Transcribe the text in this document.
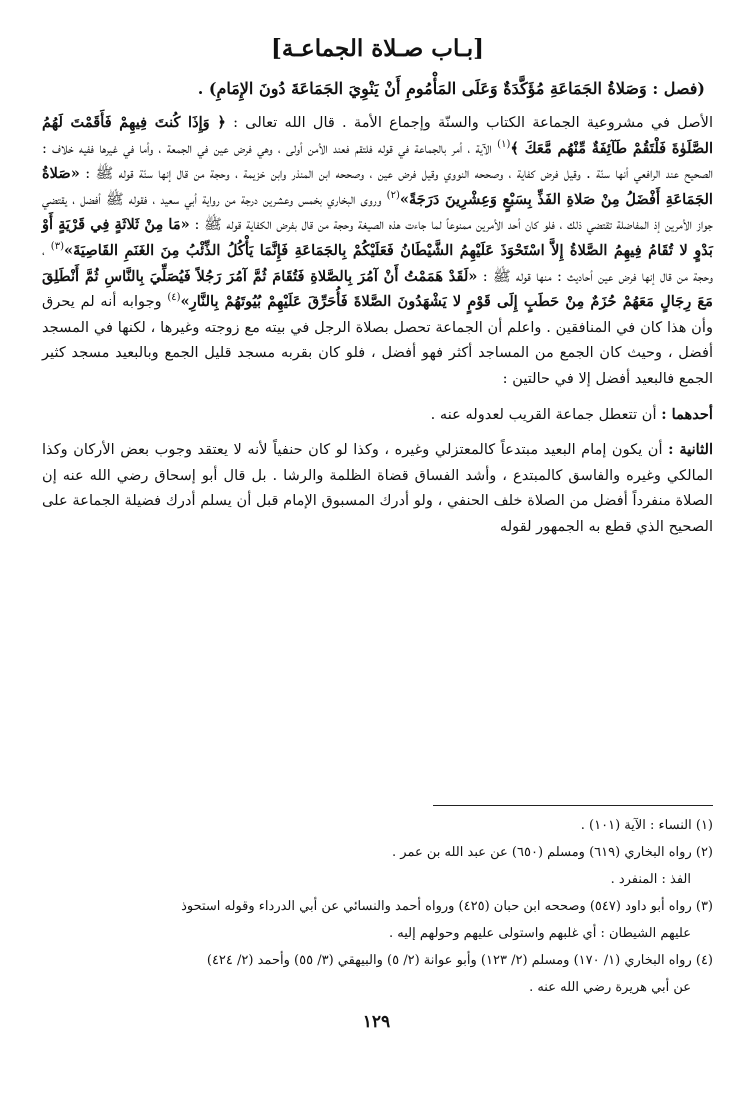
[بـاب صـلاة الجماعـة]
(فصل : وَصَلاةُ الجَمَاعَةِ مُؤَكَّدَةٌ وَعَلَى المَأْمُومِ أَنْ يَنْوِيَ الجَمَاعَةَ دُونَ الإِمَامِ) .

الأصل في مشروعية الجماعة الكتاب والسنّة وإجماع الأمة . قال الله تعالى : ﴿ وَإِذَا كُنتَ فِيهِمْ فَأَقَمْتَ لَهُمُ الصَّلَوٰةَ فَلْتَقُمْ طَآئِفَةٌ مِّنْهُم مَّعَكَ ﴾$^{(١)}$ الآية ، أمر بالجماعة في قوله فلتقم فعند الأمن أولى ، وهي فرض عين في الجمعة ، وأما في غيرها ففيه خلاف : الصحيح عند الرافعي أنها سنّة . وقيل فرض كفاية ، وصححه النووي وقيل فرض عين ، وصححه ابن المنذر وابن خزيمة ، وحجة من قال إنها سنّة قوله ﷺ : «صَلاةُ الجَمَاعَةِ أَفْضَلُ مِنْ صَلاةِ الفَذِّ بِسَبْعٍ وَعِشْرِينَ دَرَجَةً»$^{(٢)}$ وروى البخاري بخمس وعشرين درجة من رواية أبي سعيد ، فقوله ﷺ أفضل ، يقتضي جواز الأمرين إذ المفاضلة تقتضي ذلك ، فلو كان أحد الأمرين ممنوعاً لما جاءت هذه الصيغة وحجة من قال بفرض الكفاية قوله ﷺ : «مَا مِنْ ثَلاثَةٍ فِي قَرْيَةٍ أَوْ بَدْوٍ لا تُقَامُ فِيهِمُ الصَّلاةُ إِلاَّ اسْتَحْوَذَ عَلَيْهِمُ الشَّيْطَانُ فَعَلَيْكُمْ بِالجَمَاعَةِ فَإِنَّمَا يَأْكُلُ الذِّئْبُ مِنَ الغَنَمِ القَاصِيَةَ»$^{(٣)}$ ، وحجة من قال إنها فرض عين أحاديث : منها قوله ﷺ : «لَقَدْ هَمَمْتُ أَنْ آمُرَ بِالصَّلاةِ فَتُقَامَ ثُمَّ آمُرَ رَجُلاً فَيُصَلِّيَ بِالنَّاسِ ثُمَّ أَنْطَلِقَ مَعَ رِجَالٍ مَعَهُمْ حُزَمٌ مِنْ حَطَبٍ إِلَى قَوْمٍ لا يَشْهَدُونَ الصَّلاةَ فَأُحَرِّقَ عَلَيْهِمْ بُيُوتَهُمْ بِالنَّارِ»$^{(٤)}$ وجوابه أنه لم يحرق وأن هذا كان في المنافقين . واعلم أن الجماعة تحصل بصلاة الرجل في بيته مع زوجته وغيرها ، لكنها في المسجد أفضل ، وحيث كان الجمع من المساجد أكثر فهو أفضل ، فلو كان بقربه مسجد قليل الجمع وبالبعيد مسجد كثير الجمع فالبعيد أفضل إلا في حالتين :

أحدهما : أن تتعطل جماعة القريب لعدوله عنه .

الثانية : أن يكون إمام البعيد مبتدعاً كالمعتزلي وغيره ، وكذا لو كان حنفياً لأنه لا يعتقد وجوب بعض الأركان وكذا المالكي وغيره والفاسق كالمبتدع ، وأشد الفساق قضاة الظلمة والرشا . بل قال أبو إسحاق رضي الله عنه إن الصلاة منفرداً أفضل من الصلاة خلف الحنفي ، ولو أدرك المسبوق الإمام قبل أن يسلم أدرك فضيلة الجماعة على الصحيح الذي قطع به الجمهور لقوله

(١) النساء : الآية (١٠١) .

(٢) رواه البخاري (٦١٩) ومسلم (٦٥٠) عن عبد الله بن عمر .

الفذ : المنفرد .

(٣) رواه أبو داود (٥٤٧) وصححه ابن حبان (٤٢٥) ورواه أحمد والنسائي عن أبي الدرداء وقوله استحوذ

عليهم الشيطان : أي غلبهم واستولى عليهم وحولهم إليه .

(٤) رواه البخاري (١/ ١٧٠) ومسلم (٢/ ١٢٣) وأبو عوانة (٢/ ٥) والبيهقي (٣/ ٥٥) وأحمد (٢/ ٤٢٤)

عن أبي هريرة رضي الله عنه .

١٢٩
